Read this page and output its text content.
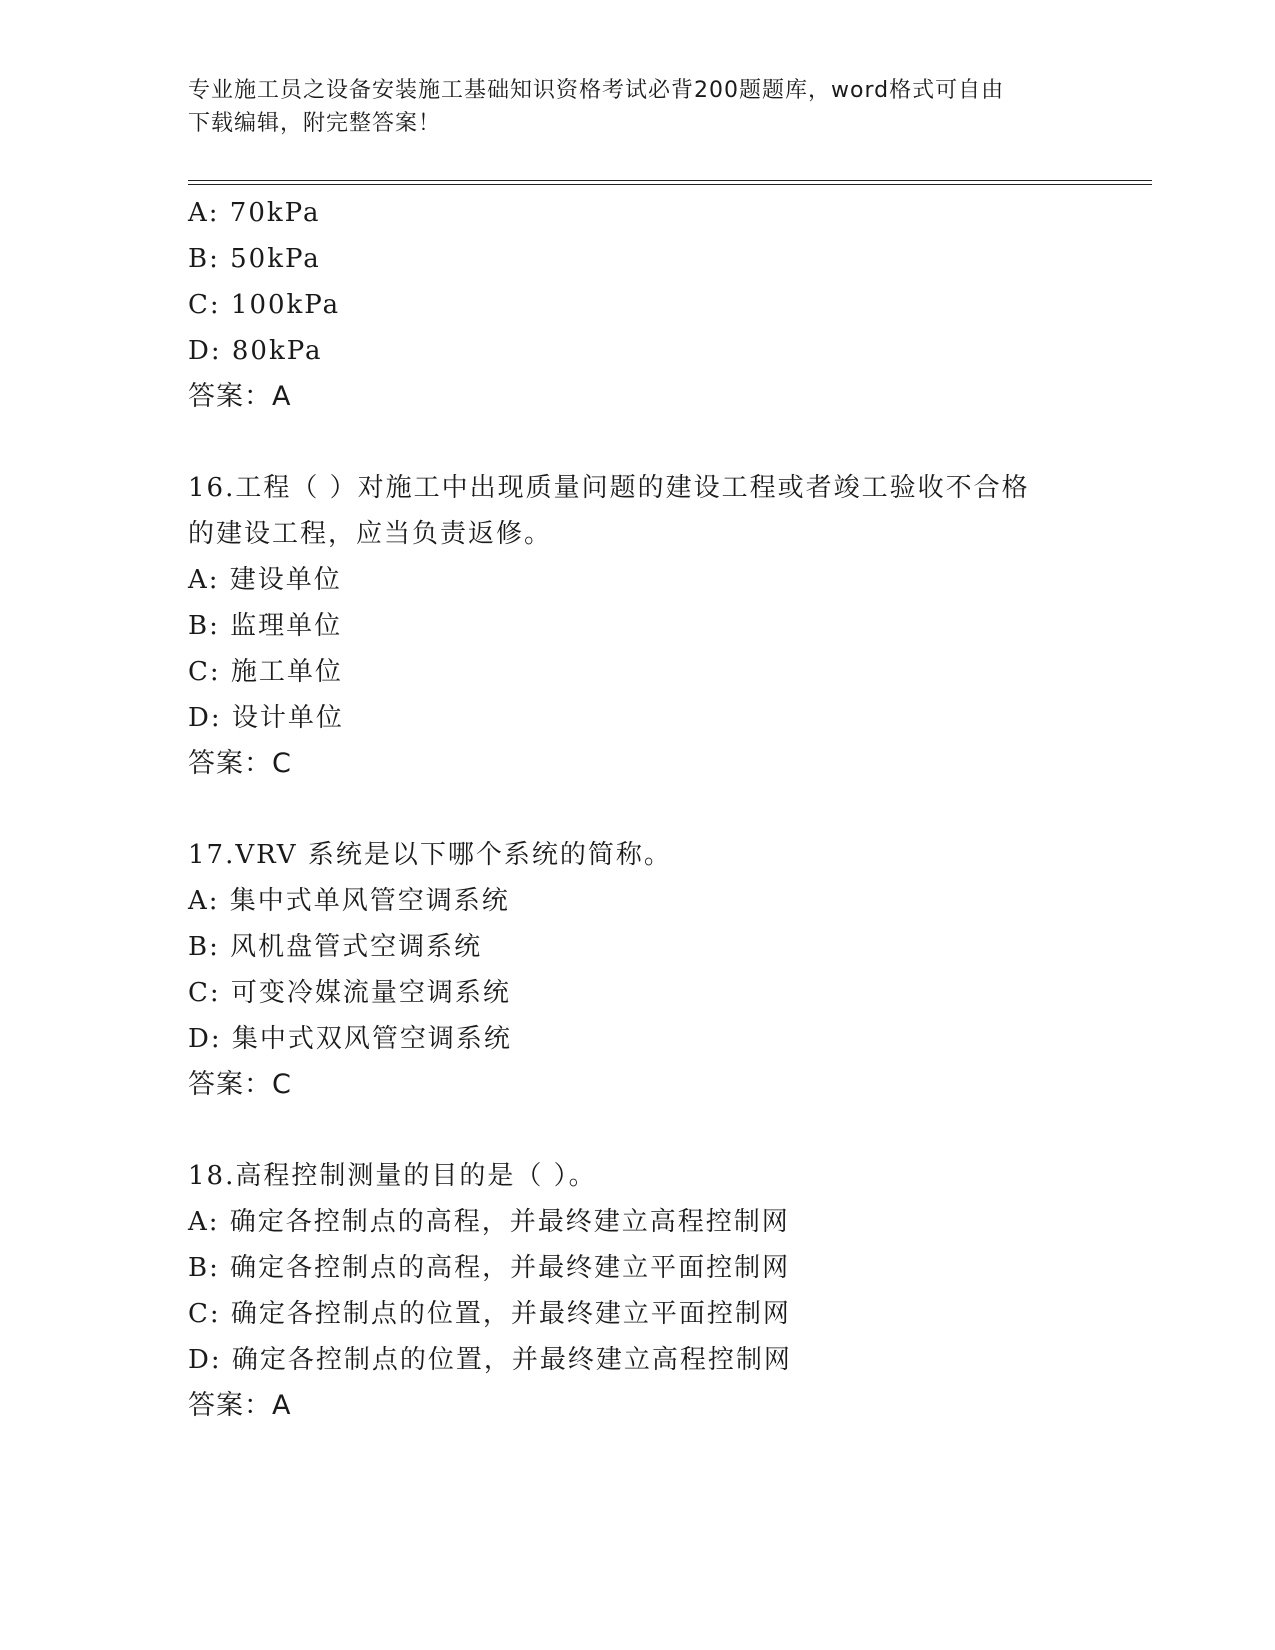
专业施工员之设备安装施工基础知识资格考试必背200题题库，word格式可自由
下载编辑，附完整答案！
A: 70kPa
B: 50kPa
C: 100kPa
D: 80kPa
答案：A
16.工程（ ）对施工中出现质量问题的建设工程或者竣工验收不合格
的建设工程，应当负责返修。
A: 建设单位
B: 监理单位
C: 施工单位
D: 设计单位
答案：C
17.VRV 系统是以下哪个系统的简称。
A: 集中式单风管空调系统
B: 风机盘管式空调系统
C: 可变冷媒流量空调系统
D: 集中式双风管空调系统
答案：C
18.高程控制测量的目的是（ ）。
A: 确定各控制点的高程，并最终建立高程控制网
B: 确定各控制点的高程，并最终建立平面控制网
C: 确定各控制点的位置，并最终建立平面控制网
D: 确定各控制点的位置，并最终建立高程控制网
答案：A
